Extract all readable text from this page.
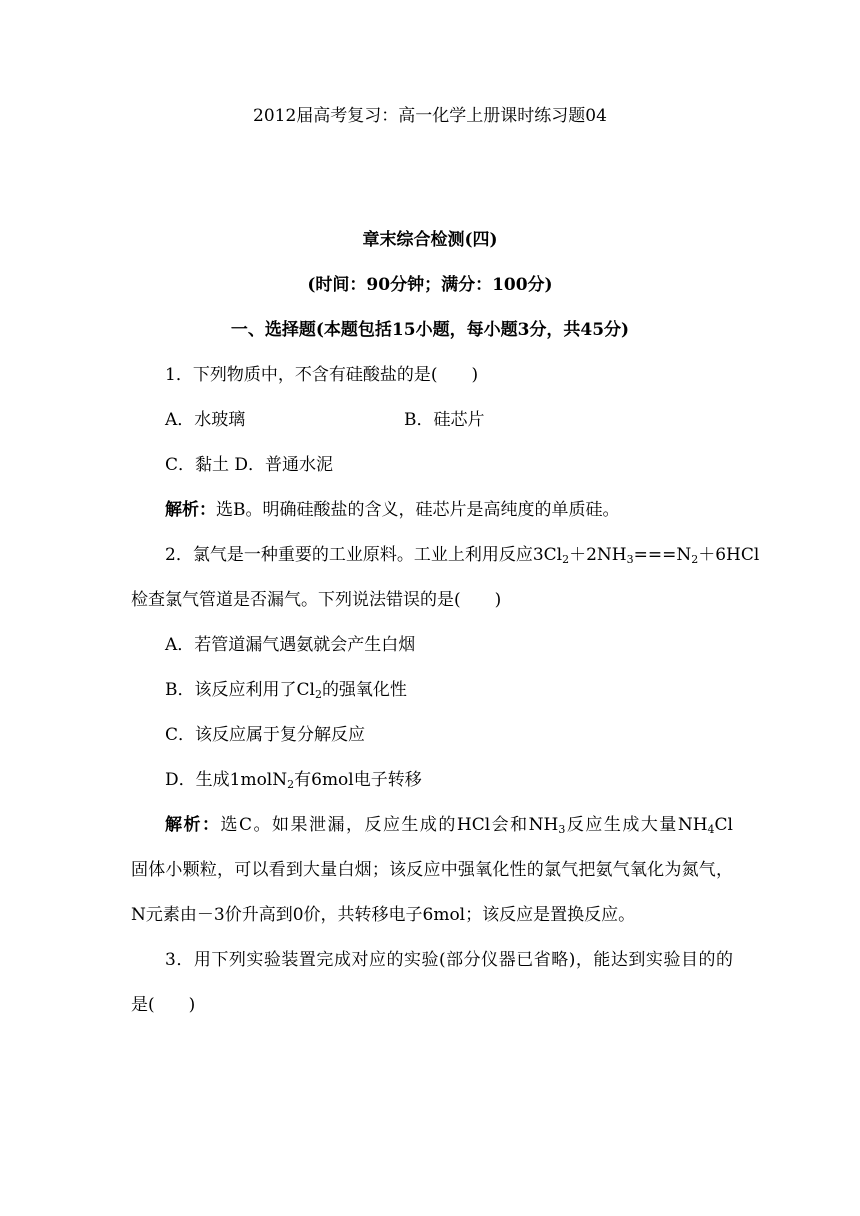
2012届高考复习：高一化学上册课时练习题04
章末综合检测(四)
(时间：90分钟；满分：100分)
一、选择题(本题包括15小题，每小题3分，共45分)
1．下列物质中，不含有硅酸盐的是(　　)
A．水玻璃	B．硅芯片
C．黏土 D．普通水泥
解析：选B。明确硅酸盐的含义，硅芯片是高纯度的单质硅。
2．氯气是一种重要的工业原料。工业上利用反应$3Cl_2+2NH_3===N_2+6HCl$
检查氯气管道是否漏气。下列说法错误的是(　　)
A．若管道漏气遇氨就会产生白烟
B．该反应利用了$Cl_2$的强氧化性
C．该反应属于复分解反应
D．生成1molN$_2$有6mol电子转移
解析：选C。如果泄漏，反应生成的HCl会和$NH_3$反应生成大量$NH_4Cl$
固体小颗粒，可以看到大量白烟；该反应中强氧化性的氯气把氨气氧化为氮气，
N元素由－3价升高到0价，共转移电子6mol；该反应是置换反应。
3．用下列实验装置完成对应的实验(部分仪器已省略)，能达到实验目的的
是(　　)
